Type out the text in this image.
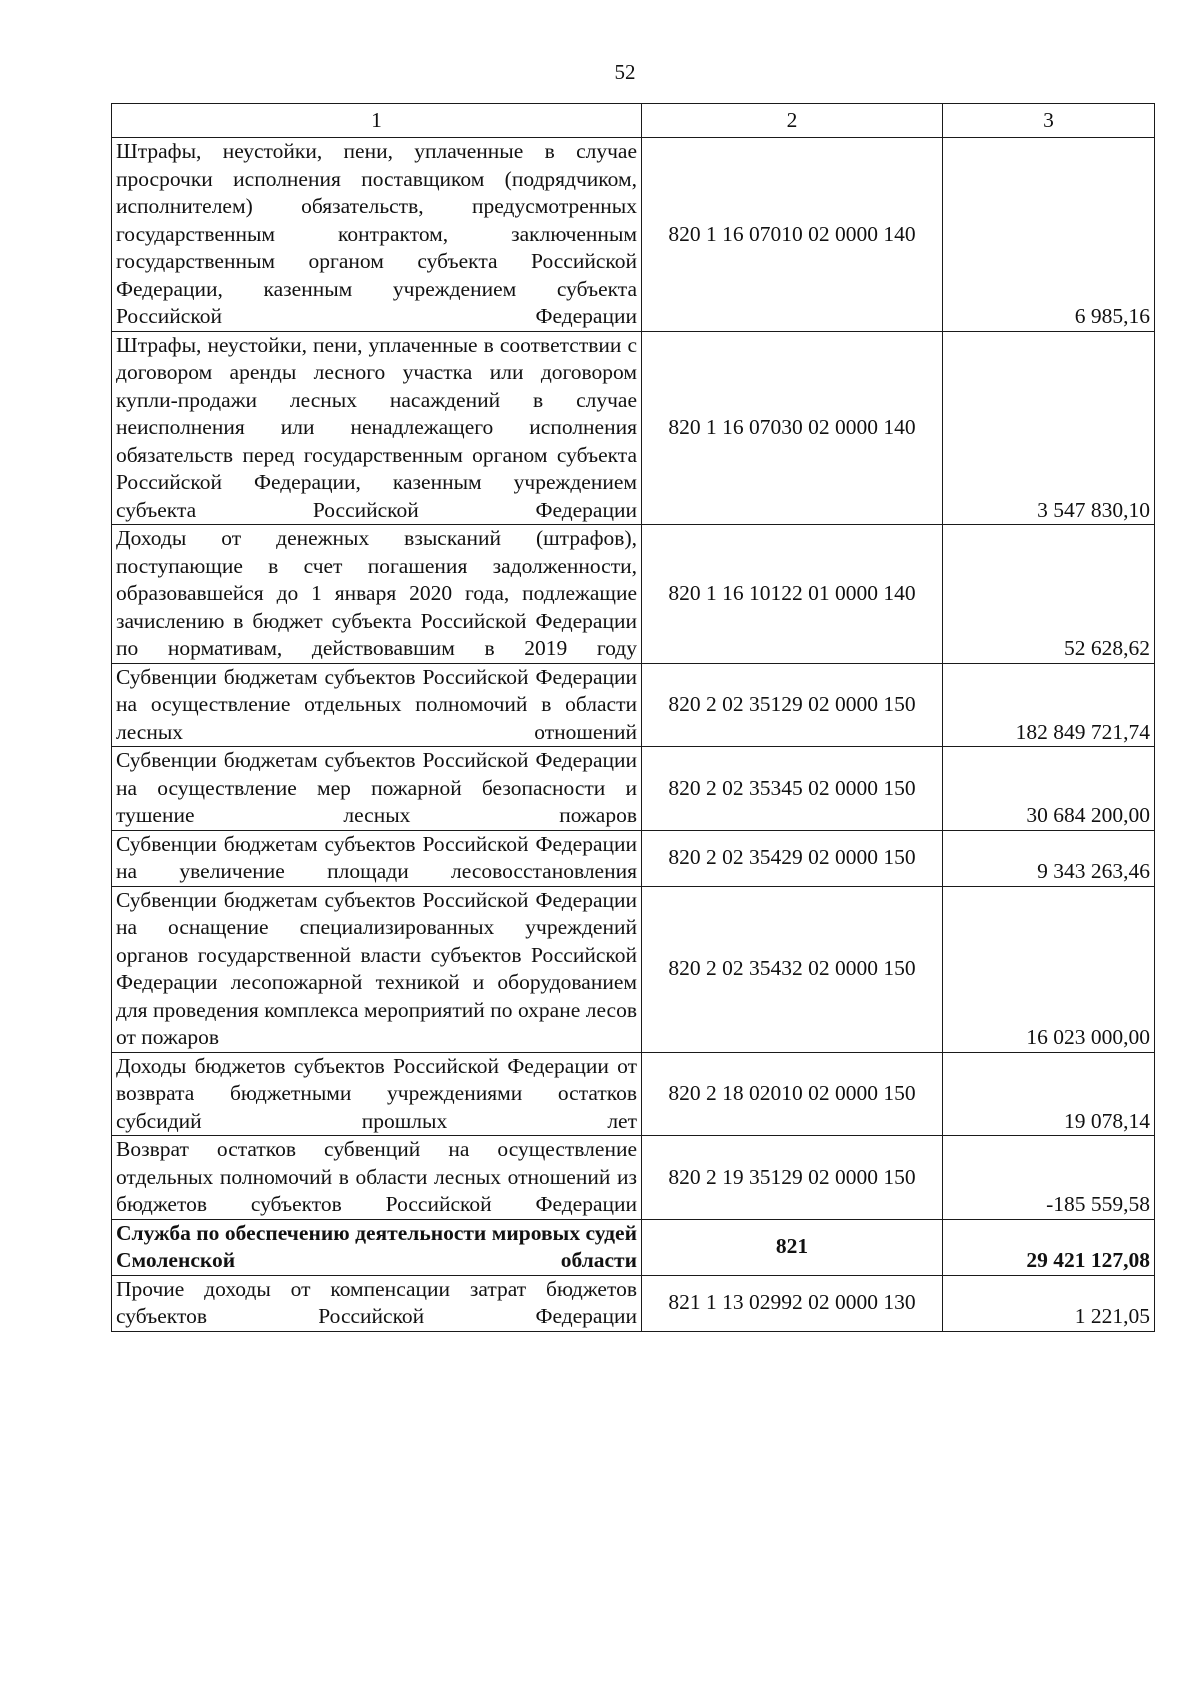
52
1	2	3
Штрафы, неустойки, пени, уплаченные в случае просрочки исполнения поставщиком (подрядчиком, исполнителем) обязательств, предусмотренных государственным контрактом, заключенным государственным органом субъекта Российской Федерации, казенным учреждением субъекта Российской Федерации	820 1 16 07010 02 0000 140	6 985,16
Штрафы, неустойки, пени, уплаченные в соответствии с договором аренды лесного участка или договором купли-продажи лесных насаждений в случае неисполнения или ненадлежащего исполнения обязательств перед государственным органом субъекта Российской Федерации, казенным учреждением субъекта Российской Федерации	820 1 16 07030 02 0000 140	3 547 830,10
Доходы от денежных взысканий (штрафов), поступающие в счет погашения задолженности, образовавшейся до 1 января 2020 года, подлежащие зачислению в бюджет субъекта Российской Федерации по нормативам, действовавшим в 2019 году	820 1 16 10122 01 0000 140	52 628,62
Субвенции бюджетам субъектов Российской Федерации на осуществление отдельных полномочий в области лесных отношений	820 2 02 35129 02 0000 150	182 849 721,74
Субвенции бюджетам субъектов Российской Федерации на осуществление мер пожарной безопасности и тушение лесных пожаров	820 2 02 35345 02 0000 150	30 684 200,00
Субвенции бюджетам субъектов Российской Федерации на увеличение площади лесовосстановления	820 2 02 35429 02 0000 150	9 343 263,46
Субвенции бюджетам субъектов Российской Федерации на оснащение специализированных учреждений органов государственной власти субъектов Российской Федерации лесопожарной техникой и оборудованием для проведения комплекса мероприятий по охране лесов от пожаров	820 2 02 35432 02 0000 150	16 023 000,00
Доходы бюджетов субъектов Российской Федерации от возврата бюджетными учреждениями остатков субсидий прошлых лет	820 2 18 02010 02 0000 150	19 078,14
Возврат остатков субвенций на осуществление отдельных полномочий в области лесных отношений из бюджетов субъектов Российской Федерации	820 2 19 35129 02 0000 150	-185 559,58
Служба по обеспечению деятельности мировых судей Смоленской области	821	29 421 127,08
Прочие доходы от компенсации затрат бюджетов субъектов Российской Федерации	821 1 13 02992 02 0000 130	1 221,05
